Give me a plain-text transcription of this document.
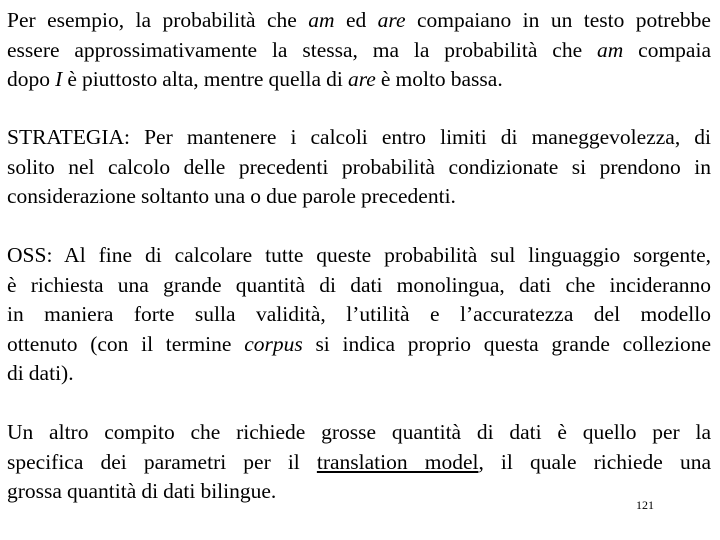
Per esempio, la probabilità che am ed are compaiano in un testo potrebbe
essere approssimativamente la stessa, ma la probabilità che am compaia
dopo I è piuttosto alta, mentre quella di are è molto bassa.

STRATEGIA: Per mantenere i calcoli entro limiti di maneggevolezza, di
solito nel calcolo delle precedenti probabilità condizionate si prendono in
considerazione soltanto una o due parole precedenti.

OSS: Al fine di calcolare tutte queste probabilità sul linguaggio sorgente,
è richiesta una grande quantità di dati monolingua, dati che incideranno
in maniera forte sulla validità, l’utilità e l’accuratezza del modello
ottenuto (con il termine corpus si indica proprio questa grande collezione
di dati).

Un altro compito che richiede grosse quantità di dati è quello per la
specifica dei parametri per il translation model, il quale richiede una
grossa quantità di dati bilingue.

121
